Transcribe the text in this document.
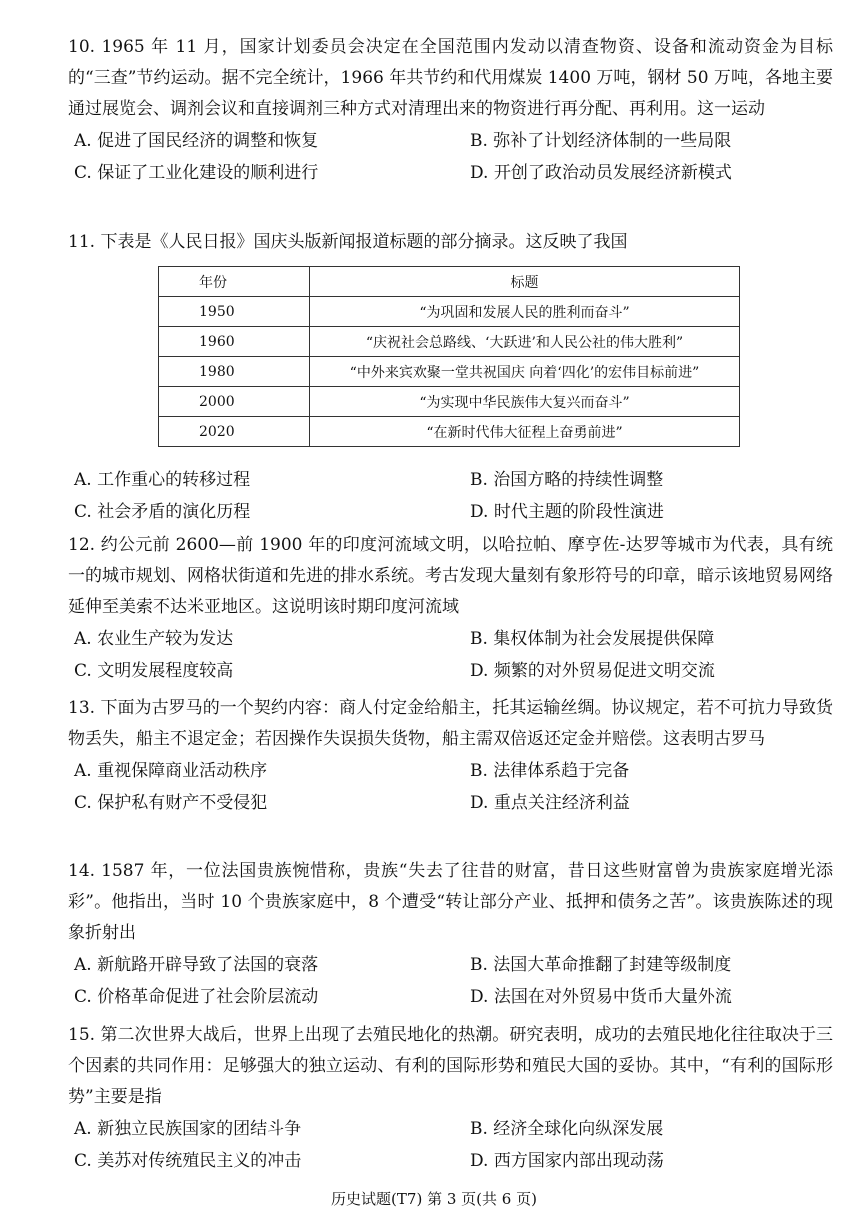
10. 1965 年 11 月，国家计划委员会决定在全国范围内发动以清查物资、设备和流动资金为目标的“三查”节约运动。据不完全统计，1966 年共节约和代用煤炭 1400 万吨，钢材 50 万吨，各地主要通过展览会、调剂会议和直接调剂三种方式对清理出来的物资进行再分配、再利用。这一运动
A. 促进了国民经济的调整和恢复	B. 弥补了计划经济体制的一些局限
C. 保证了工业化建设的顺利进行	D. 开创了政治动员发展经济新模式
11. 下表是《人民日报》国庆头版新闻报道标题的部分摘录。这反映了我国
年份	标题
1950	“为巩固和发展人民的胜利而奋斗”
1960	“庆祝社会总路线、‘大跃进’和人民公社的伟大胜利”
1980	“中外来宾欢聚一堂共祝国庆 向着‘四化’的宏伟目标前进”
2000	“为实现中华民族伟大复兴而奋斗”
2020	“在新时代伟大征程上奋勇前进”
A. 工作重心的转移过程	B. 治国方略的持续性调整
C. 社会矛盾的演化历程	D. 时代主题的阶段性演进
12. 约公元前 2600—前 1900 年的印度河流域文明，以哈拉帕、摩亨佐-达罗等城市为代表，具有统一的城市规划、网格状街道和先进的排水系统。考古发现大量刻有象形符号的印章，暗示该地贸易网络延伸至美索不达米亚地区。这说明该时期印度河流域
A. 农业生产较为发达	B. 集权体制为社会发展提供保障
C. 文明发展程度较高	D. 频繁的对外贸易促进文明交流
13. 下面为古罗马的一个契约内容：商人付定金给船主，托其运输丝绸。协议规定，若不可抗力导致货物丢失，船主不退定金；若因操作失误损失货物，船主需双倍返还定金并赔偿。这表明古罗马
A. 重视保障商业活动秩序	B. 法律体系趋于完备
C. 保护私有财产不受侵犯	D. 重点关注经济利益
14. 1587 年，一位法国贵族惋惜称，贵族“失去了往昔的财富，昔日这些财富曾为贵族家庭增光添彩”。他指出，当时 10 个贵族家庭中，8 个遭受“转让部分产业、抵押和债务之苦”。该贵族陈述的现象折射出
A. 新航路开辟导致了法国的衰落	B. 法国大革命推翻了封建等级制度
C. 价格革命促进了社会阶层流动	D. 法国在对外贸易中货币大量外流
15. 第二次世界大战后，世界上出现了去殖民地化的热潮。研究表明，成功的去殖民地化往往取决于三个因素的共同作用：足够强大的独立运动、有利的国际形势和殖民大国的妥协。其中，“有利的国际形势”主要是指
A. 新独立民族国家的团结斗争	B. 经济全球化向纵深发展
C. 美苏对传统殖民主义的冲击	D. 西方国家内部出现动荡
历史试题(T7) 第 3 页(共 6 页)
